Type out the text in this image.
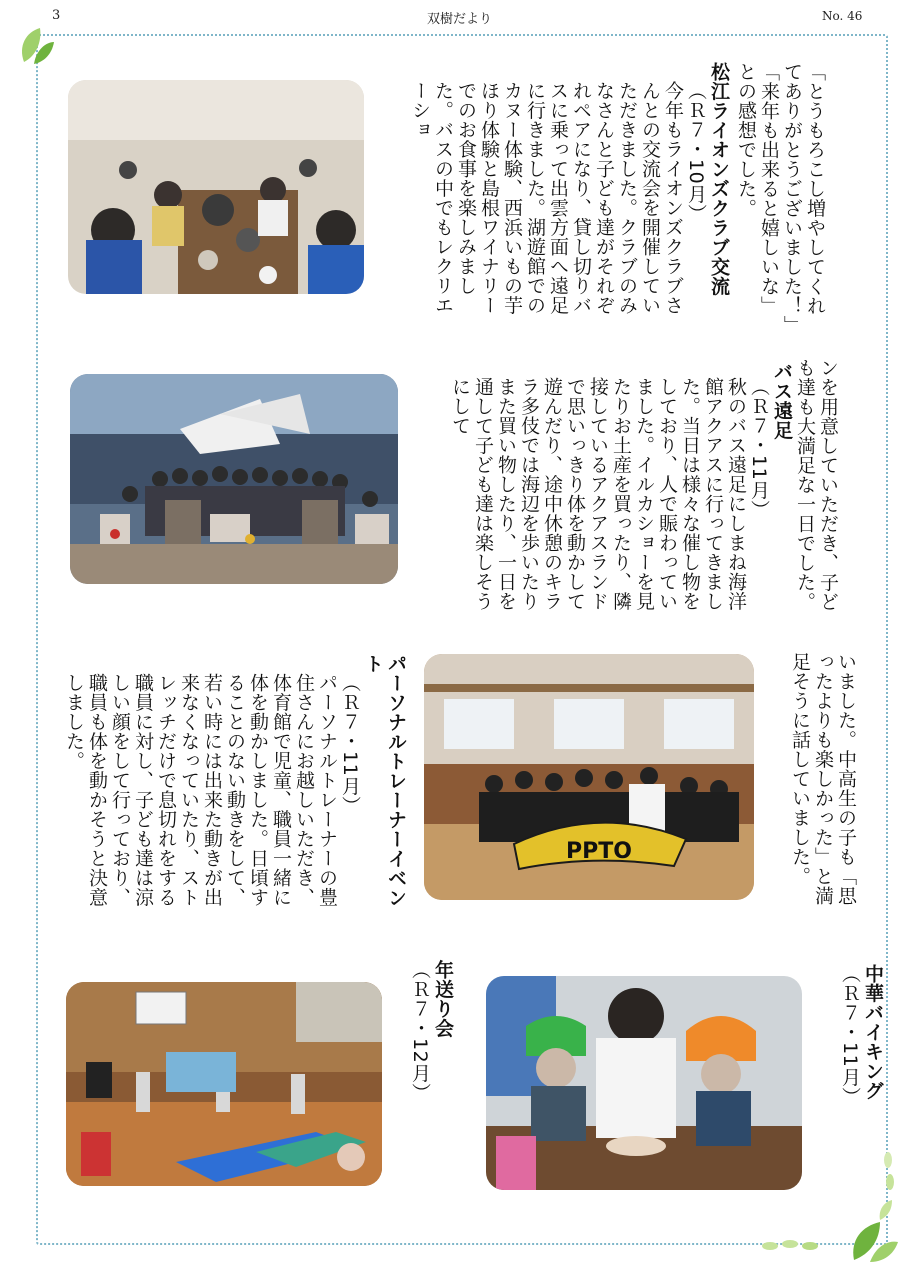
3	双樹だより	No. 46
PPTO

「とうもろこし増やしてくれてありがとうございました！」「来年も出来ると嬉しいな」との感想でした。

松江ライオンズクラブ交流

（Ｒ７・10月）

今年もライオンズクラブさんとの交流会を開催していただきました。クラブのみなさんと子ども達がそれぞれペアになり、貸し切りバスに乗って出雲方面へ遠足に行きました。湖遊館でのカヌー体験、西浜いもの芋ほり体験と島根ワイナリーでのお食事を楽しみました。バスの中でもレクリエーショ

ンを用意していただき、子ども達も大満足な一日でした。

バス遠足

（Ｒ７・11月）

秋のバス遠足にしまね海洋館アクアスに行ってきました。当日は様々な催し物をしており、人で賑わっていました。イルカショーを見たりお土産を買ったり、隣接しているアクアスランドで思いっきり体を動かして遊んだり、途中休憩のキララ多伎では海辺を歩いたりまた買い物したり、一日を通して子ども達は楽しそうにして

いました。中高生の子も「思ったよりも楽しかった」と満足そうに話していました。

パーソナルトレーナーイベント

（Ｒ７・11月）

パーソナルトレーナーの豊住さんにお越しいただき、体育館で児童、職員一緒に体を動かしました。日頃することのない動きをして、若い時には出来た動きが出来なくなっていたり、ストレッチだけで息切れをする職員に対し、子ども達は涼しい顔をして行っており、職員も体を動かそうと決意しました。

中華バイキング

（Ｒ７・11月）

年送り会

（Ｒ７・12月）
